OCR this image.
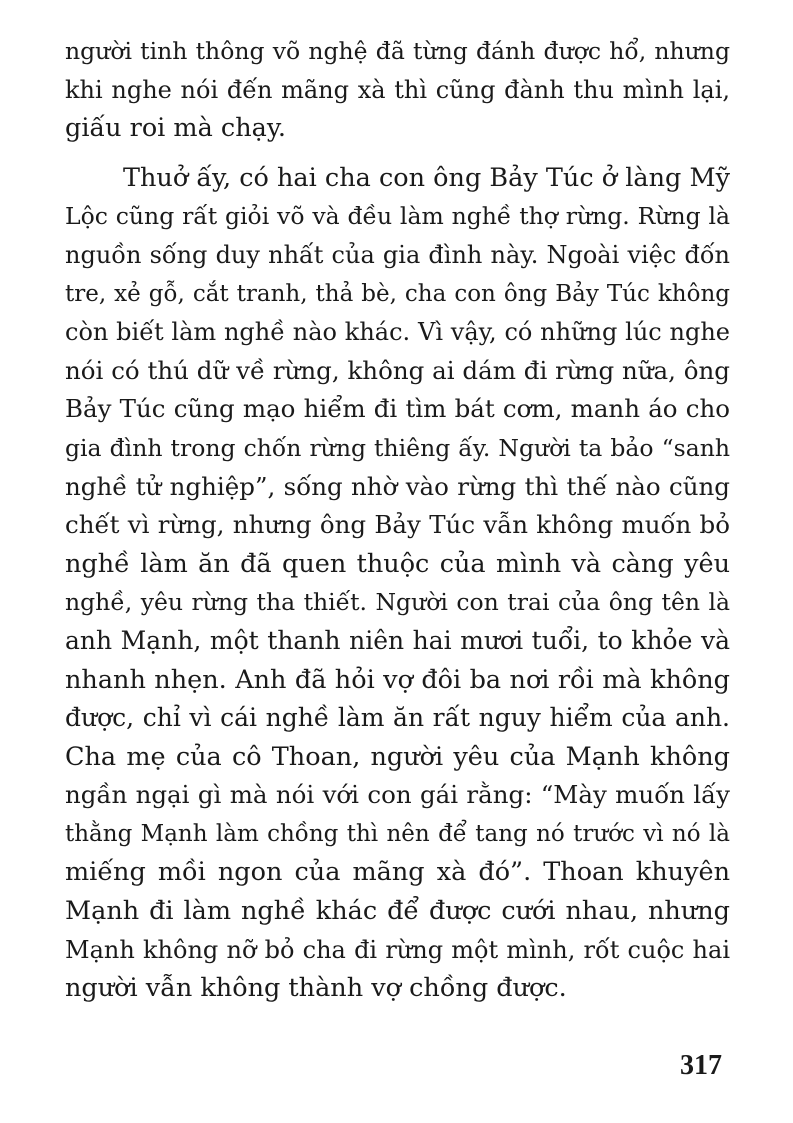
người tinh thông võ nghệ đã từng đánh được hổ, nhưng
khi nghe nói đến mãng xà thì cũng đành thu mình lại,
giấu roi mà chạy.
Thuở ấy, có hai cha con ông Bảy Túc ở làng Mỹ
Lộc cũng rất giỏi võ và đều làm nghề thợ rừng. Rừng là
nguồn sống duy nhất của gia đình này. Ngoài việc đốn
tre, xẻ gỗ, cắt tranh, thả bè, cha con ông Bảy Túc không
còn biết làm nghề nào khác. Vì vậy, có những lúc nghe
nói có thú dữ về rừng, không ai dám đi rừng nữa, ông
Bảy Túc cũng mạo hiểm đi tìm bát cơm, manh áo cho
gia đình trong chốn rừng thiêng ấy. Người ta bảo “sanh
nghề tử nghiệp”, sống nhờ vào rừng thì thế nào cũng
chết vì rừng, nhưng ông Bảy Túc vẫn không muốn bỏ
nghề làm ăn đã quen thuộc của mình và càng yêu
nghề, yêu rừng tha thiết. Người con trai của ông tên là
anh Mạnh, một thanh niên hai mươi tuổi, to khỏe và
nhanh nhẹn. Anh đã hỏi vợ đôi ba nơi rồi mà không
được, chỉ vì cái nghề làm ăn rất nguy hiểm của anh.
Cha mẹ của cô Thoan, người yêu của Mạnh không
ngần ngại gì mà nói với con gái rằng: “Mày muốn lấy
thằng Mạnh làm chồng thì nên để tang nó trước vì nó là
miếng mồi ngon của mãng xà đó”. Thoan khuyên
Mạnh đi làm nghề khác để được cưới nhau, nhưng
Mạnh không nỡ bỏ cha đi rừng một mình, rốt cuộc hai
người vẫn không thành vợ chồng được.
317
